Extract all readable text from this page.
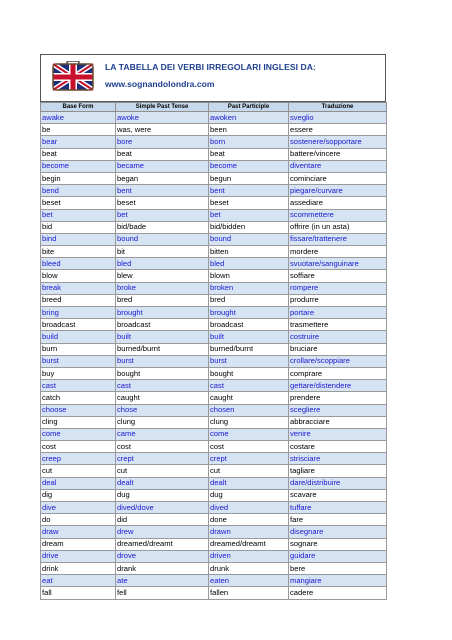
LA TABELLA DEI VERBI IRREGOLARI INGLESI DA:
www.sognandolondra.com
Base Form	Simple Past Tense	Past Participle	Traduzione
awake	awoke	awoken	sveglio
be	was, were	been	essere
bear	bore	born	sostenere/sopportare
beat	beat	beat	battere/vincere
become	became	become	diventare
begin	began	begun	cominciare
bend	bent	bent	piegare/curvare
beset	beset	beset	assediare
bet	bet	bet	scommettere
bid	bid/bade	bid/bidden	offrire (in un asta)
bind	bound	bound	fissare/trattenere
bite	bit	bitten	mordere
bleed	bled	bled	svuotare/sanguinare
blow	blew	blown	soffiare
break	broke	broken	rompere
breed	bred	bred	produrre
bring	brought	brought	portare
broadcast	broadcast	broadcast	trasmettere
build	built	built	costruire
burn	burned/burnt	burned/burnt	bruciare
burst	burst	burst	crollare/scoppiare
buy	bought	bought	comprare
cast	cast	cast	gettare/distendere
catch	caught	caught	prendere
choose	chose	chosen	scegliere
cling	clung	clung	abbracciare
come	came	come	venire
cost	cost	cost	costare
creep	crept	crept	strisciare
cut	cut	cut	tagliare
deal	dealt	dealt	dare/distribuire
dig	dug	dug	scavare
dive	dived/dove	dived	tuffare
do	did	done	fare
draw	drew	drawn	disegnare
dream	dreamed/dreamt	dreamed/dreamt	sognare
drive	drove	driven	guidare
drink	drank	drunk	bere
eat	ate	eaten	mangiare
fall	fell	fallen	cadere
